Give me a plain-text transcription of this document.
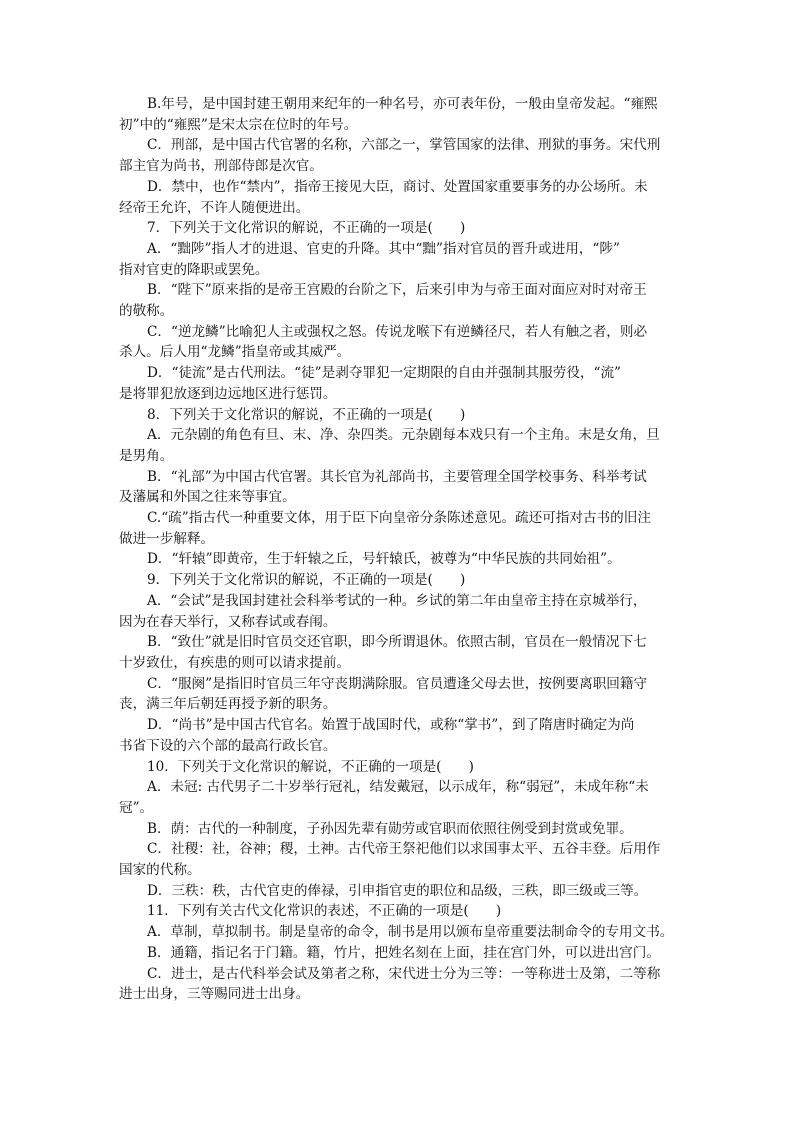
B.年号，是中国封建王朝用来纪年的一种名号，亦可表年份，一般由皇帝发起。“雍熙
初”中的“雍熙”是宋太宗在位时的年号。

C．刑部，是中国古代官署的名称，六部之一，掌管国家的法律、刑狱的事务。宋代刑
部主官为尚书，刑部侍郎是次官。

D．禁中，也作“禁内”，指帝王接见大臣，商讨、处置国家重要事务的办公场所。未
经帝王允许，不许人随便进出。

7．下列关于文化常识的解说，不正确的一项是(　　)

A．“黜陟”指人才的进退、官吏的升降。其中“黜”指对官员的晋升或进用，“陟”
指对官吏的降职或罢免。

B．“陛下”原来指的是帝王宫殿的台阶之下，后来引申为与帝王面对面应对时对帝王
的敬称。

C．“逆龙鳞”比喻犯人主或强权之怒。传说龙喉下有逆鳞径尺，若人有触之者，则必
杀人。后人用“龙鳞”指皇帝或其威严。

D．“徒流”是古代刑法。“徒”是剥夺罪犯一定期限的自由并强制其服劳役，“流”
是将罪犯放逐到边远地区进行惩罚。

8．下列关于文化常识的解说，不正确的一项是(　　)

A．元杂剧的角色有旦、末、净、杂四类。元杂剧每本戏只有一个主角。末是女角，旦
是男角。

B．“礼部”为中国古代官署。其长官为礼部尚书，主要管理全国学校事务、科举考试
及藩属和外国之往来等事宜。

C.“疏”指古代一种重要文体，用于臣下向皇帝分条陈述意见。疏还可指对古书的旧注
做进一步解释。

D．“轩辕”即黄帝，生于轩辕之丘，号轩辕氏，被尊为“中华民族的共同始祖”。

9．下列关于文化常识的解说，不正确的一项是(　　)

A．“会试”是我国封建社会科举考试的一种。乡试的第二年由皇帝主持在京城举行，
因为在春天举行，又称春试或春闱。

B．“致仕”就是旧时官员交还官职，即今所谓退休。依照古制，官员在一般情况下七
十岁致仕，有疾患的则可以请求提前。

C．“服阕”是指旧时官员三年守丧期满除服。官员遭逢父母去世，按例要离职回籍守
丧，满三年后朝廷再授予新的职务。

D．“尚书”是中国古代官名。始置于战国时代，或称“掌书”，到了隋唐时确定为尚
书省下设的六个部的最高行政长官。

10．下列关于文化常识的解说，不正确的一项是(　　)

A．未冠: 古代男子二十岁举行冠礼，结发戴冠，以示成年，称“弱冠”，未成年称“未
冠”。

B．荫：古代的一种制度，子孙因先辈有勋劳或官职而依照往例受到封赏或免罪。

C．社稷：社，谷神；稷，土神。古代帝王祭祀他们以求国事太平、五谷丰登。后用作
国家的代称。

D．三秩：秩，古代官吏的俸禄，引申指官吏的职位和品级，三秩，即三级或三等。

11．下列有关古代文化常识的表述，不正确的一项是(　　)

A．草制，草拟制书。制是皇帝的命令，制书是用以颁布皇帝重要法制命令的专用文书。

B．通籍，指记名于门籍。籍，竹片，把姓名刻在上面，挂在宫门外，可以进出宫门。

C．进士，是古代科举会试及第者之称，宋代进士分为三等：一等称进士及第，二等称
进士出身，三等赐同进士出身。
